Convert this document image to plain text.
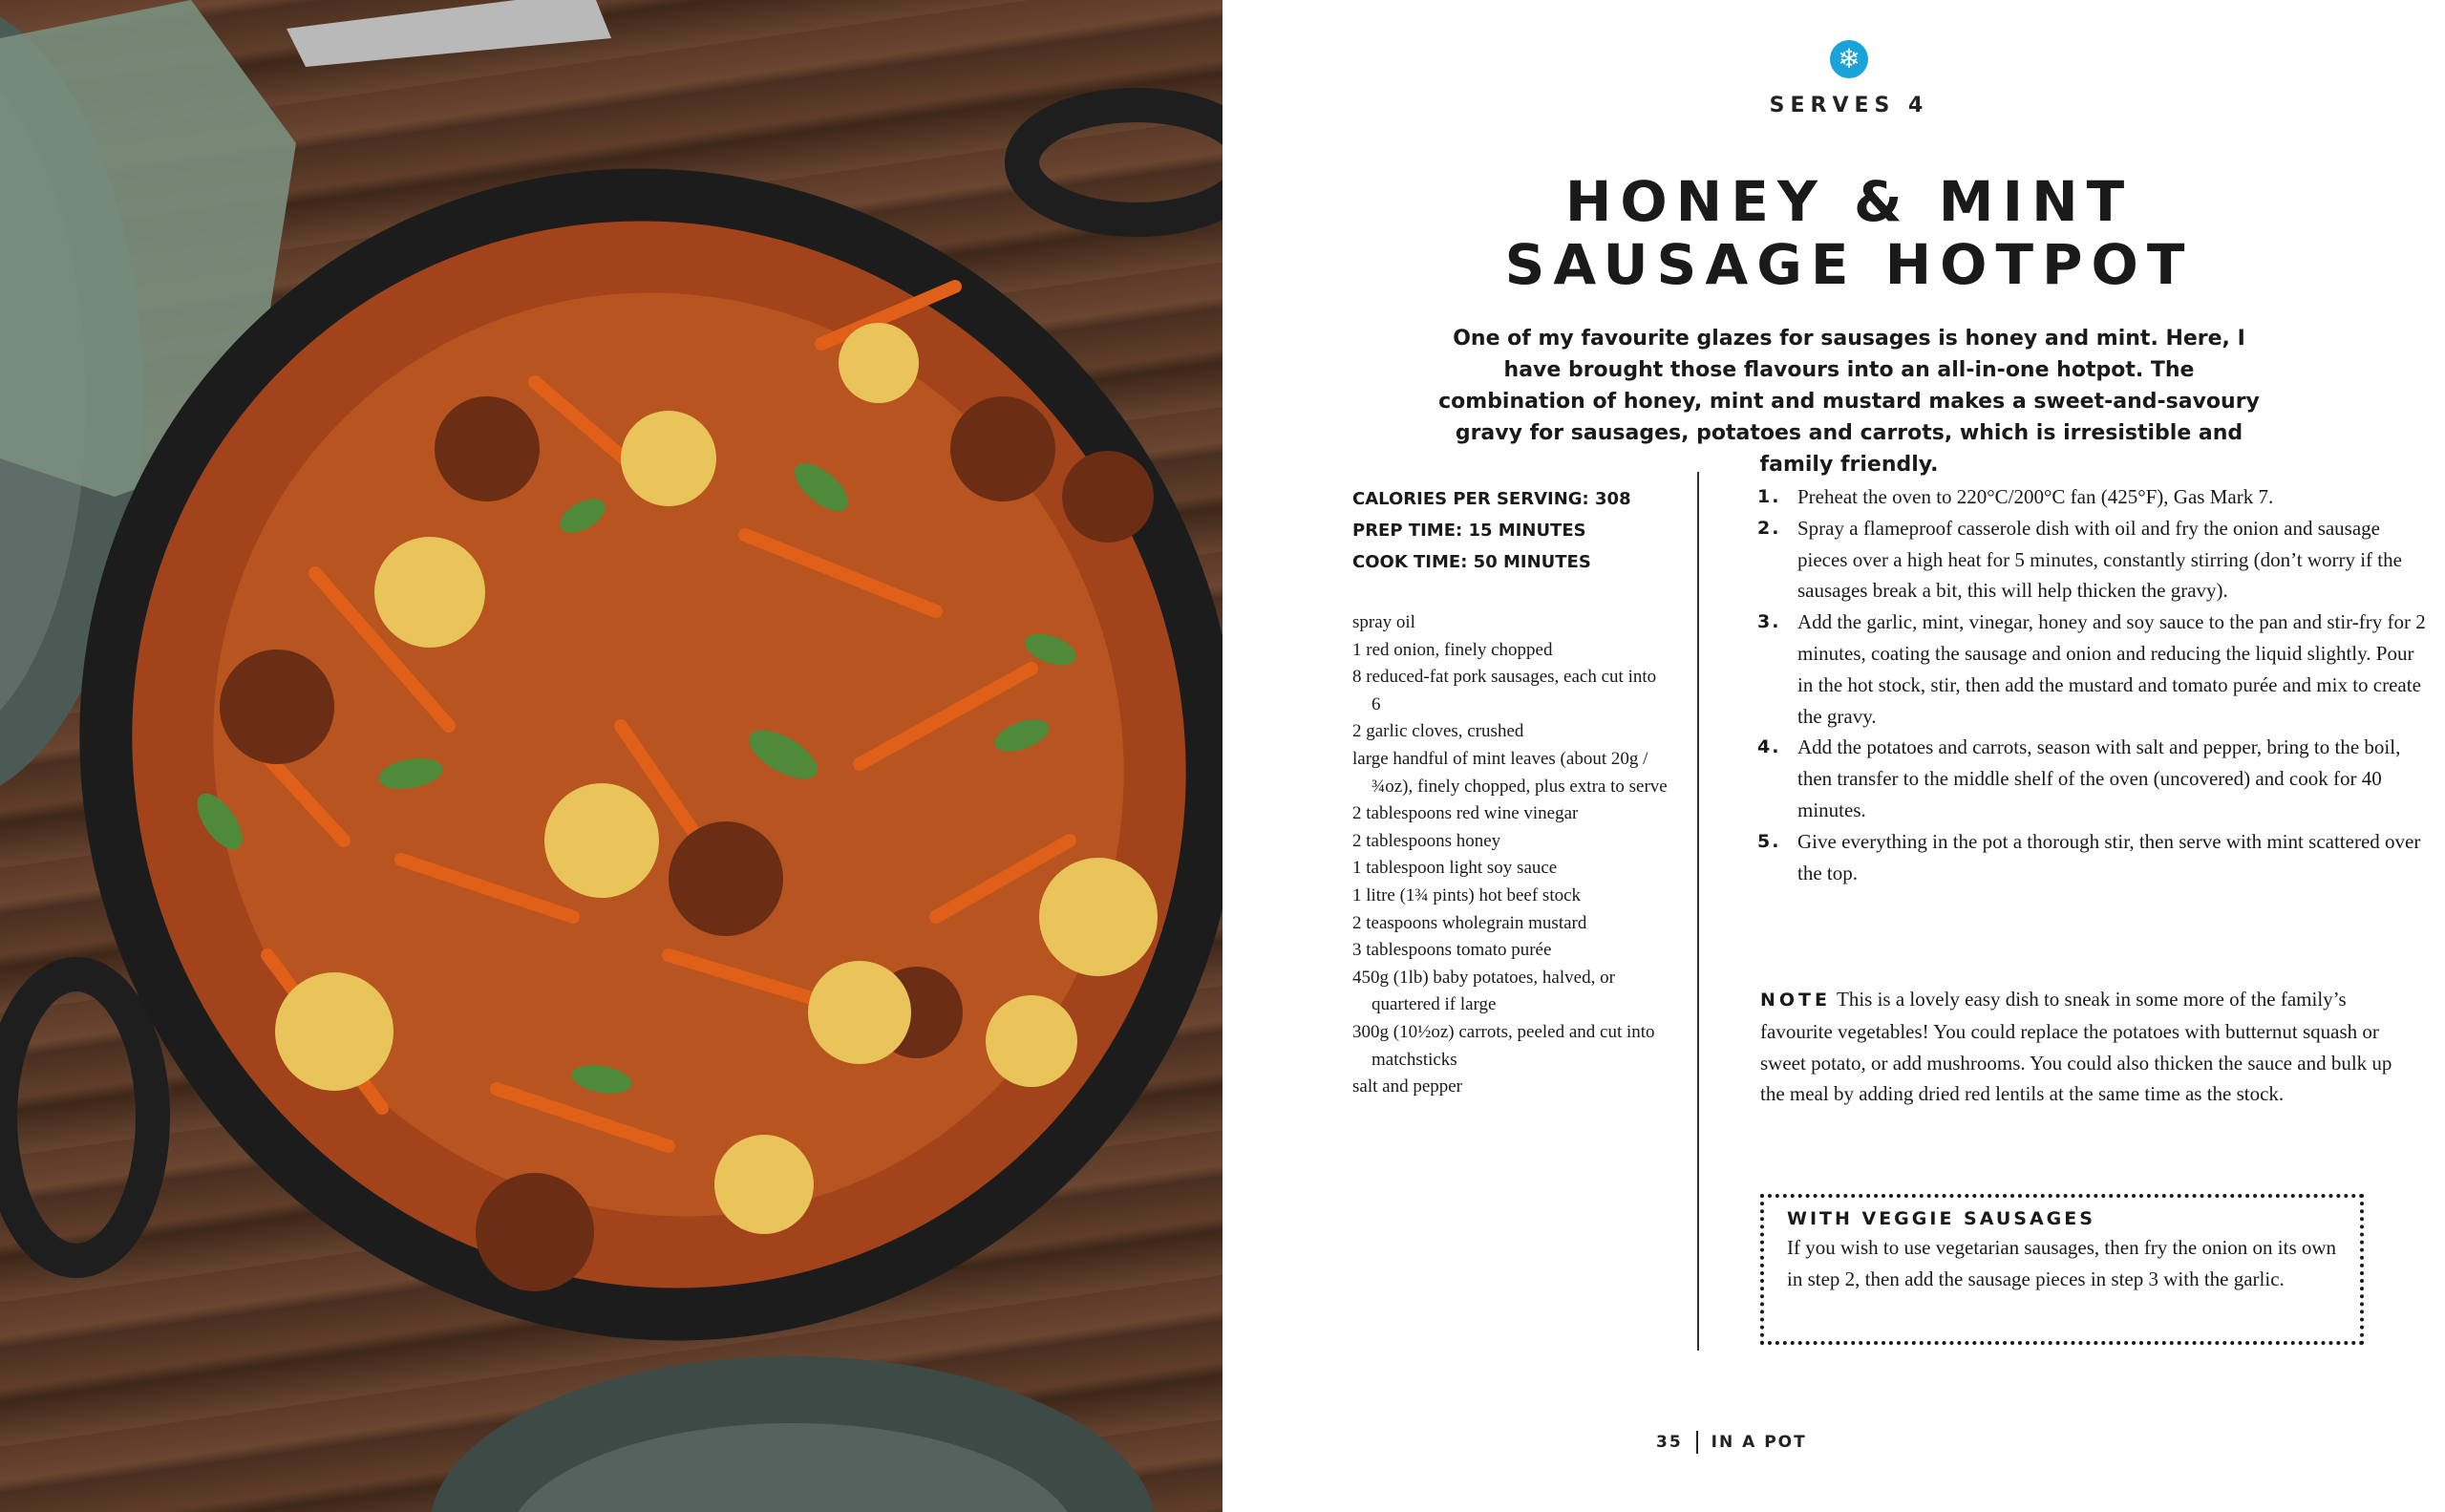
❄
SERVES 4
HONEY & MINT
SAUSAGE HOTPOT
One of my favourite glazes for sausages is honey and mint. Here, I have brought those flavours into an all-in-one hotpot. The combination of honey, mint and mustard makes a sweet-and-savoury gravy for sausages, potatoes and carrots, which is irresistible and family friendly.
CALORIES PER SERVING: 308
PREP TIME: 15 MINUTES
COOK TIME: 50 MINUTES
spray oil
1 red onion, finely chopped
8 reduced-fat pork sausages, each cut into 6
2 garlic cloves, crushed
large handful of mint leaves (about 20g /¾oz), finely chopped, plus extra to serve
2 tablespoons red wine vinegar
2 tablespoons honey
1 tablespoon light soy sauce
1 litre (1¾ pints) hot beef stock
2 teaspoons wholegrain mustard
3 tablespoons tomato purée
450g (1lb) baby potatoes, halved, or quartered if large
300g (10½oz) carrots, peeled and cut into matchsticks
salt and pepper
1. Preheat the oven to 220°C/200°C fan (425°F), Gas Mark 7.
2. Spray a flameproof casserole dish with oil and fry the onion and sausage pieces over a high heat for 5 minutes, constantly stirring (don’t worry if the sausages break a bit, this will help thicken the gravy).
3. Add the garlic, mint, vinegar, honey and soy sauce to the pan and stir-fry for 2 minutes, coating the sausage and onion and reducing the liquid slightly. Pour in the hot stock, stir, then add the mustard and tomato purée and mix to create the gravy.
4. Add the potatoes and carrots, season with salt and pepper, bring to the boil, then transfer to the middle shelf of the oven (uncovered) and cook for 40 minutes.
5. Give everything in the pot a thorough stir, then serve with mint scattered over the top.

NOTE This is a lovely easy dish to sneak in some more of the family’s favourite vegetables! You could replace the potatoes with butternut squash or sweet potato, or add mushrooms. You could also thicken the sauce and bulk up the meal by adding dried red lentils at the same time as the stock.

WITH VEGGIE SAUSAGES
If you wish to use vegetarian sausages, then fry the onion on its own in step 2, then add the sausage pieces in step 3 with the garlic.
35 IN A POT
